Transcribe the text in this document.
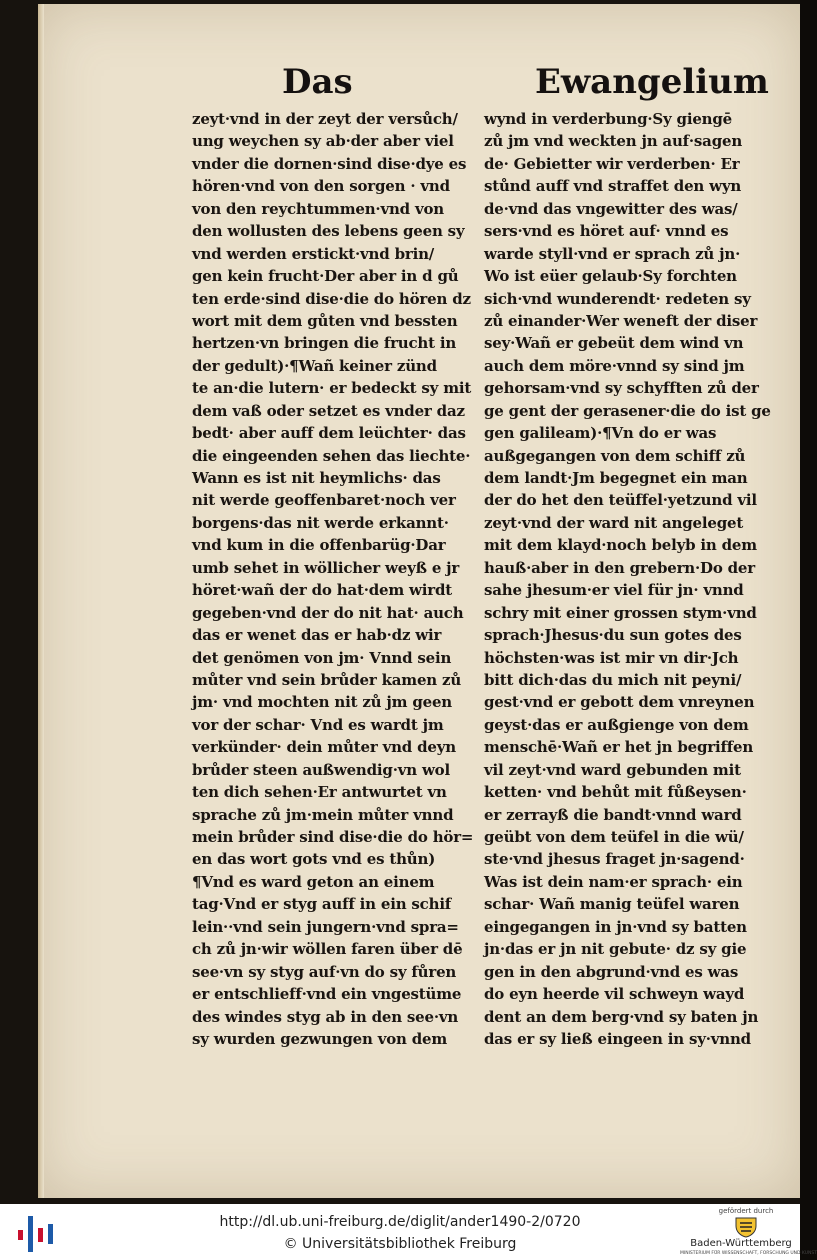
Das	Ewangelium
zeyt·vnd in der zeyt der versůch/
ung weychen sy ab·der aber viel
vnder die dornen·sind dise·dye es
hören·vnd von den sorgen · vnd
von den reychtummen·vnd von
den wollusten des lebens geen sy
vnd werden erstickt·vnd brin/
gen kein frucht·Der aber in d gů
ten erde·sind dise·die do hören dz
wort mit dem gůten vnd bessten
hertzen·vn bringen die frucht in
der gedult)·¶Wañ keiner zünd
te an·die lutern· er bedeckt sy mit
dem vaß oder setzet es vnder daz
bedt· aber auff dem leüchter· das
die eingeenden sehen das liechte·
Wann es ist nit heymlichs· das
nit werde geoffenbaret·noch ver
borgens·das nit werde erkannt·
vnd kum in die offenbarüg·Dar
umb sehet in wöllicher weyß e jr
höret·wañ der do hat·dem wirdt
gegeben·vnd der do nit hat· auch
das er wenet das er hab·dz wir
det genömen von jm· Vnnd sein
můter vnd sein brůder kamen zů
jm· vnd mochten nit zů jm geen
vor der schar· Vnd es wardt jm
verkünder· dein můter vnd deyn
brůder steen außwendig·vn wol
ten dich sehen·Er antwurtet vn
sprache zů jm·mein můter vnnd
mein brůder sind dise·die do hör=
en das wort gots vnd es thůn)
¶Vnd es ward geton an einem
tag·Vnd er styg auff in ein schif
lein··vnd sein jungern·vnd spra=
ch zů jn·wir wöllen faren über dē
see·vn sy styg auf·vn do sy fůren
er entschlieff·vnd ein vngestüme
des windes styg ab in den see·vn
sy wurden gezwungen von dem
wynd in verderbung·Sy giengē
zů jm vnd weckten jn auf·sagen
de· Gebietter wir verderben· Er
stůnd auff vnd straffet den wyn
de·vnd das vngewitter des was/
sers·vnd es höret auf· vnnd es
warde styll·vnd er sprach zů jn·
Wo ist eüer gelaub·Sy forchten
sich·vnd wunderendt· redeten sy
zů einander·Wer weneft der diser
sey·Wañ er gebeüt dem wind vn
auch dem möre·vnnd sy sind jm
gehorsam·vnd sy schyfften zů der
ge gent der gerasener·die do ist ge
gen galileam)·¶Vn do er was
außgegangen von dem schiff zů
dem landt·Jm begegnet ein man
der do het den teüffel·yetzund vil
zeyt·vnd der ward nit angeleget
mit dem klayd·noch belyb in dem
hauß·aber in den grebern·Do der
sahe jhesum·er viel für jn· vnnd
schry mit einer grossen stym·vnd
sprach·Jhesus·du sun gotes des
höchsten·was ist mir vn dir·Jch
bitt dich·das du mich nit peyni/
gest·vnd er gebott dem vnreynen
geyst·das er außgienge von dem
menschē·Wañ er het jn begriffen
vil zeyt·vnd ward gebunden mit
ketten· vnd behůt mit fůßeysen·
er zerrayß die bandt·vnnd ward
geübt von dem teüfel in die wü/
ste·vnd jhesus fraget jn·sagend·
Was ist dein nam·er sprach· ein
schar· Wañ manig teüfel waren
eingegangen in jn·vnd sy batten
jn·das er jn nit gebute· dz sy gie
gen in den abgrund·vnd es was
do eyn heerde vil schweyn wayd
dent an dem berg·vnd sy baten jn
das er sy ließ eingeen in sy·vnnd
http://dl.ub.uni-freiburg.de/diglit/ander1490-2/0720
© Universitätsbibliothek Freiburg
gefördert durch
Baden-Württemberg
MINISTERIUM FÜR WISSENSCHAFT, FORSCHUNG UND KUNST
